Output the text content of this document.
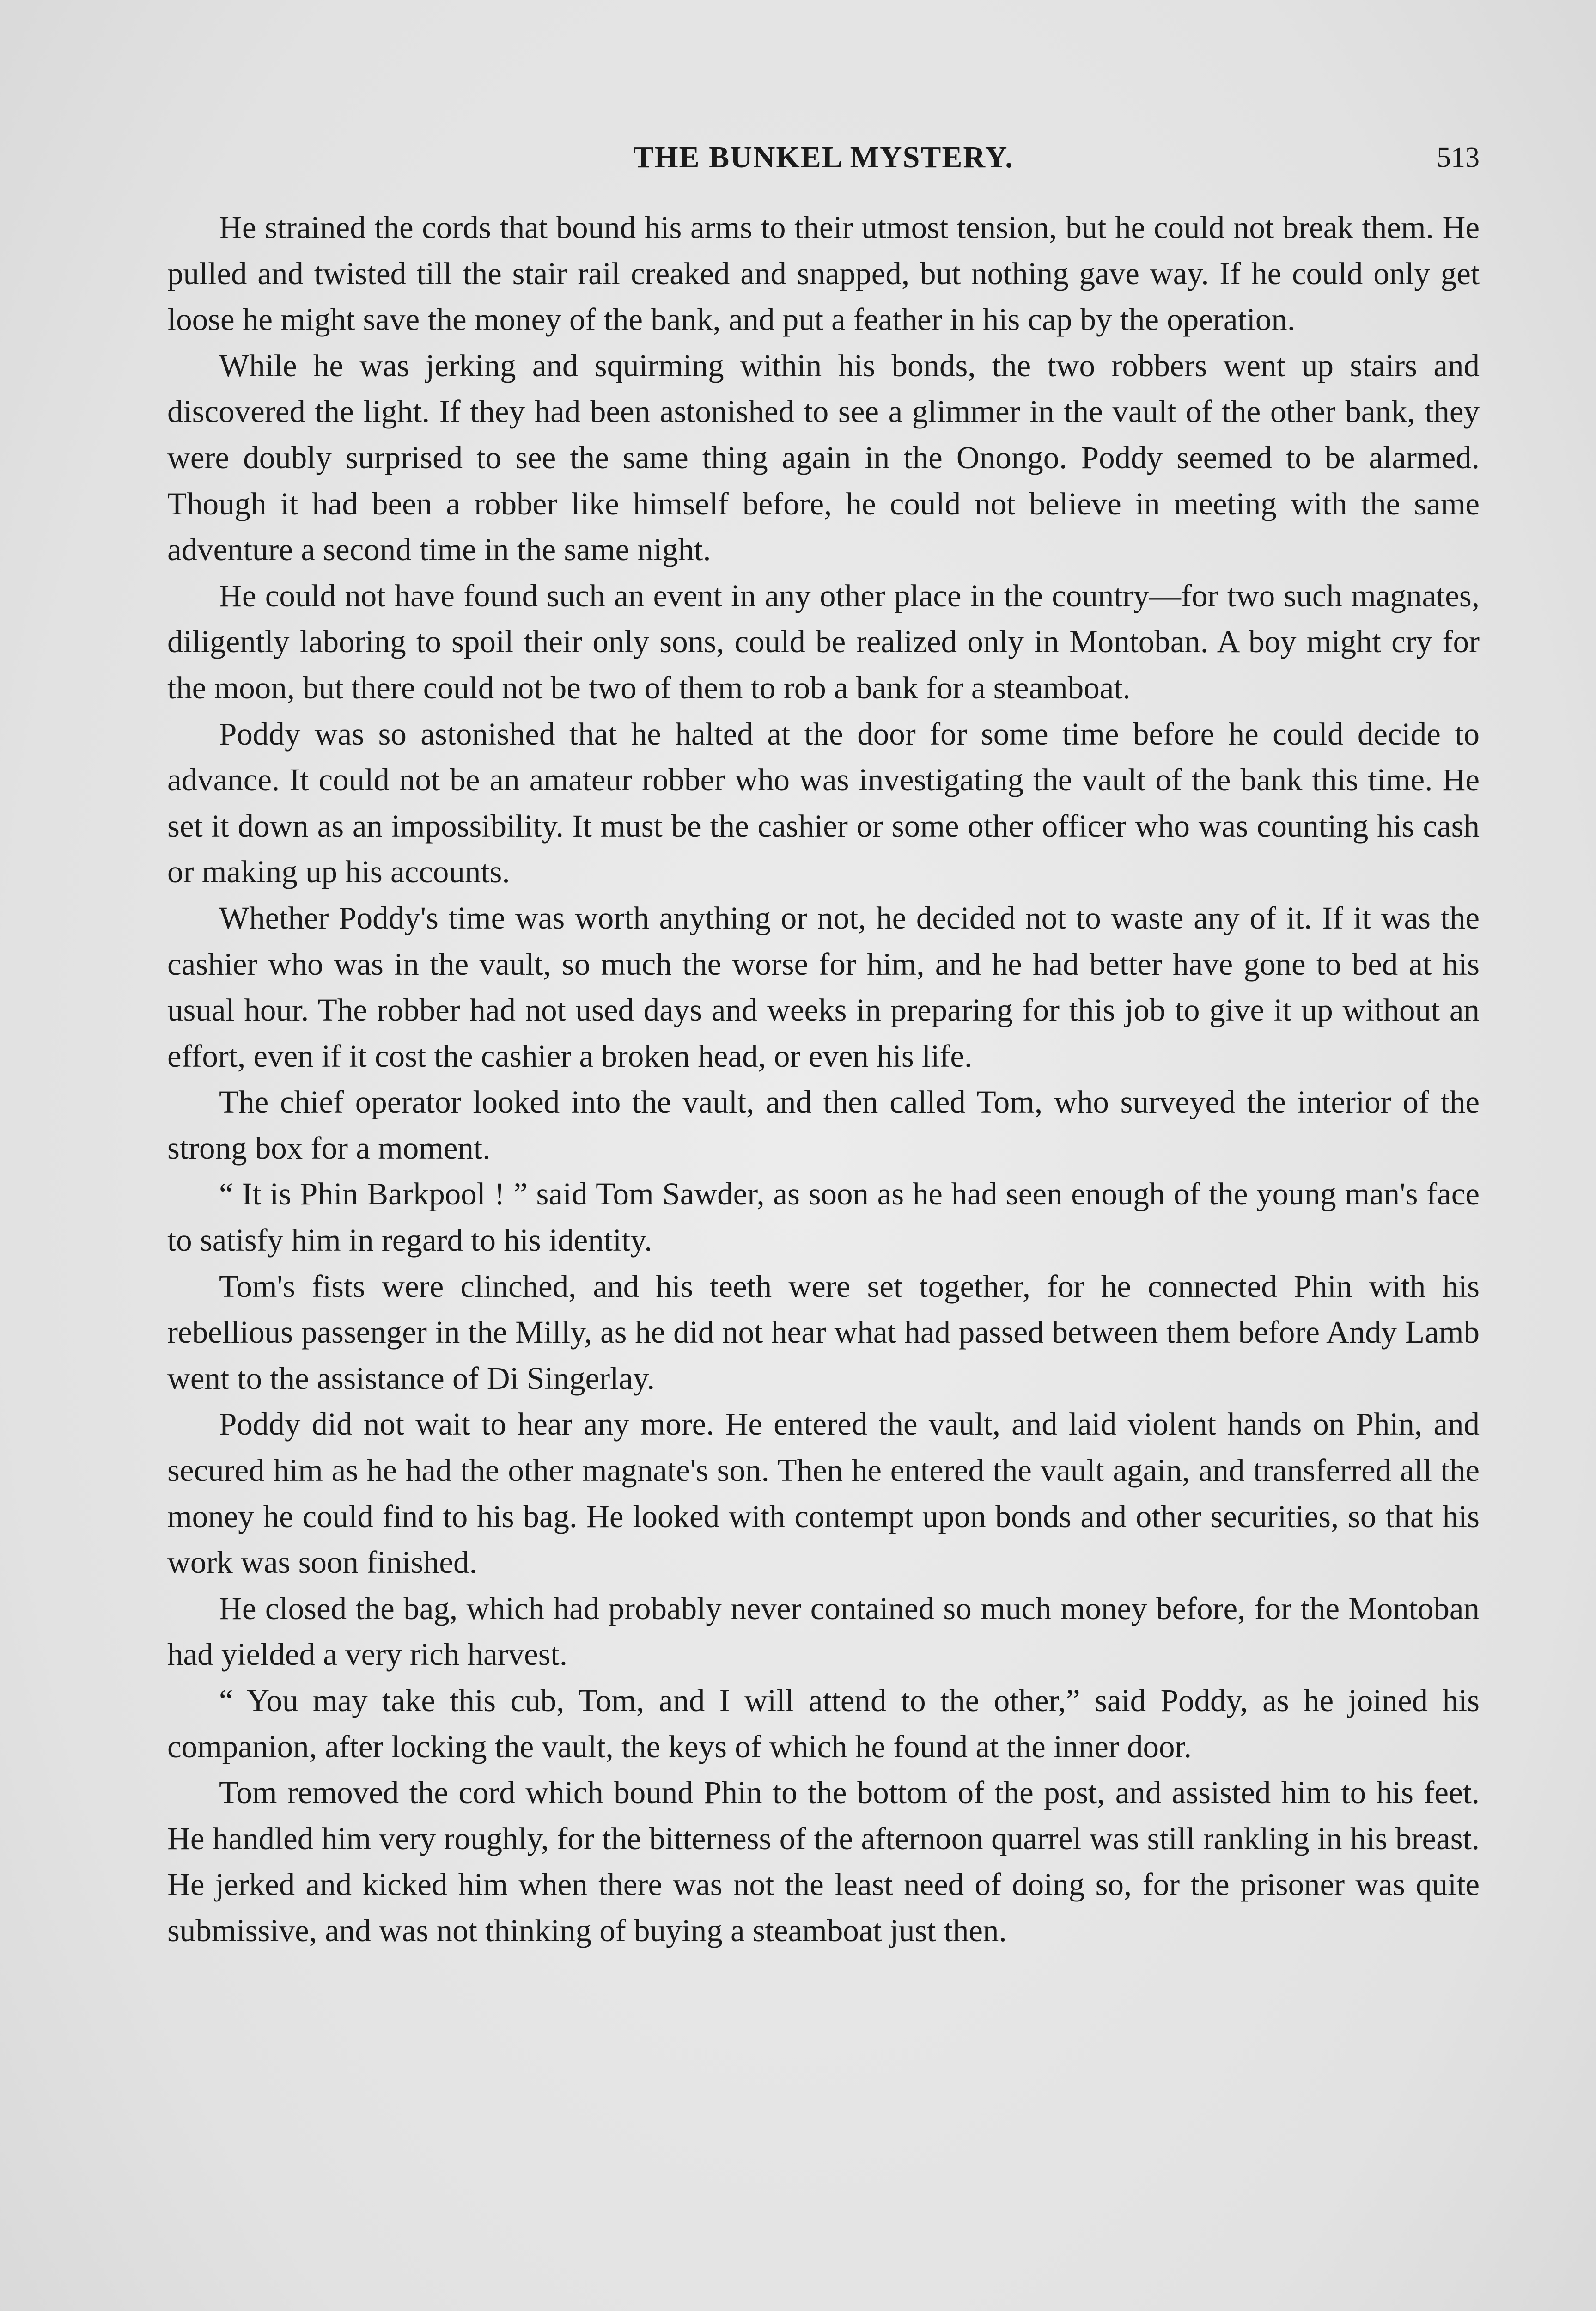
THE BUNKEL MYSTERY.	513

He strained the cords that bound his arms to their utmost tension, but he could not break them. He pulled and twisted till the stair rail creaked and snapped, but nothing gave way. If he could only get loose he might save the money of the bank, and put a feather in his cap by the operation.

While he was jerking and squirming within his bonds, the two robbers went up stairs and discovered the light. If they had been astonished to see a glimmer in the vault of the other bank, they were doubly surprised to see the same thing again in the Onongo. Poddy seemed to be alarmed. Though it had been a robber like himself before, he could not believe in meeting with the same adventure a second time in the same night.

He could not have found such an event in any other place in the country—for two such magnates, diligently laboring to spoil their only sons, could be realized only in Montoban. A boy might cry for the moon, but there could not be two of them to rob a bank for a steamboat.

Poddy was so astonished that he halted at the door for some time before he could decide to advance. It could not be an amateur robber who was investigating the vault of the bank this time. He set it down as an impossibility. It must be the cashier or some other officer who was counting his cash or making up his accounts.

Whether Poddy's time was worth anything or not, he decided not to waste any of it. If it was the cashier who was in the vault, so much the worse for him, and he had better have gone to bed at his usual hour. The robber had not used days and weeks in preparing for this job to give it up without an effort, even if it cost the cashier a broken head, or even his life.

The chief operator looked into the vault, and then called Tom, who surveyed the interior of the strong box for a moment.

“ It is Phin Barkpool ! ” said Tom Sawder, as soon as he had seen enough of the young man's face to satisfy him in regard to his identity.

Tom's fists were clinched, and his teeth were set together, for he connected Phin with his rebellious passenger in the Milly, as he did not hear what had passed between them before Andy Lamb went to the assistance of Di Singerlay.

Poddy did not wait to hear any more. He entered the vault, and laid violent hands on Phin, and secured him as he had the other magnate's son. Then he entered the vault again, and transferred all the money he could find to his bag. He looked with contempt upon bonds and other securities, so that his work was soon finished.

He closed the bag, which had probably never contained so much money before, for the Montoban had yielded a very rich harvest.

“ You may take this cub, Tom, and I will attend to the other,” said Poddy, as he joined his companion, after locking the vault, the keys of which he found at the inner door.

Tom removed the cord which bound Phin to the bottom of the post, and assisted him to his feet. He handled him very roughly, for the bitterness of the afternoon quarrel was still rankling in his breast. He jerked and kicked him when there was not the least need of doing so, for the prisoner was quite submissive, and was not thinking of buying a steamboat just then.
